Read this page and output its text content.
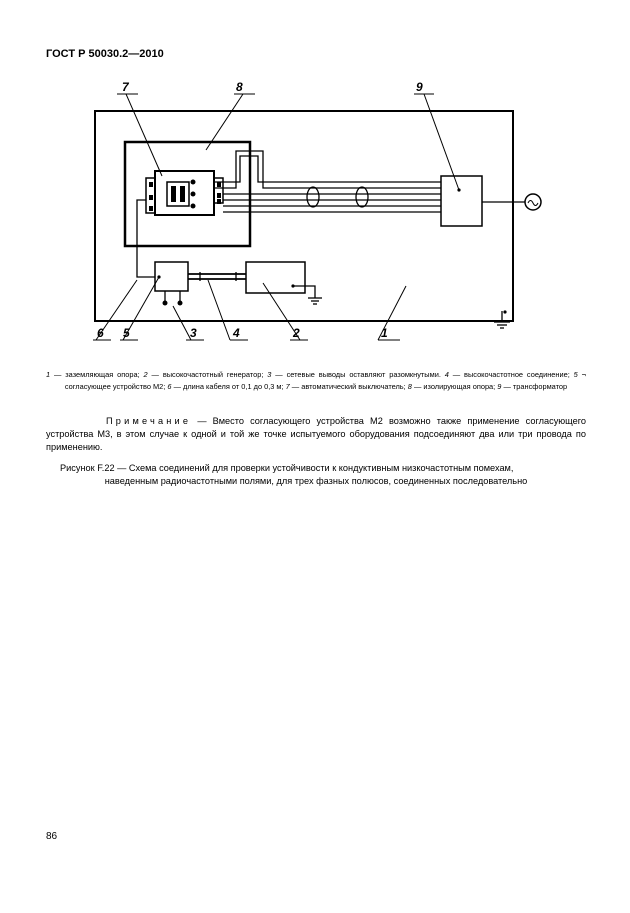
ГОСТ Р 50030.2—2010
7	8	9
6 5	3	4	2	1
1 — заземляющая опора; 2 — высокочастотный генератор; 3 — сетевые выводы оставляют разомкнутыми. 4 — высокочастотное соединение; 5 ¬ согласующее устройство М2; 6 — длина кабеля от 0,1 до 0,3 м; 7 — автоматический выключатель; 8 — изолирующая опора; 9 — трансформатор
Примечание — Вместо согласующего устройства М2 возможно также применение согласующего устройства М3, в этом случае к одной и той же точке испытуемого оборудования подсоединяют два или три провода по применению.
Рисунок F.22 — Схема соединений для проверки устойчивости к кондуктивным низкочастотным помехам,
наведенным радиочастотными полями, для трех фазных полюсов, соединенных последовательно
86
